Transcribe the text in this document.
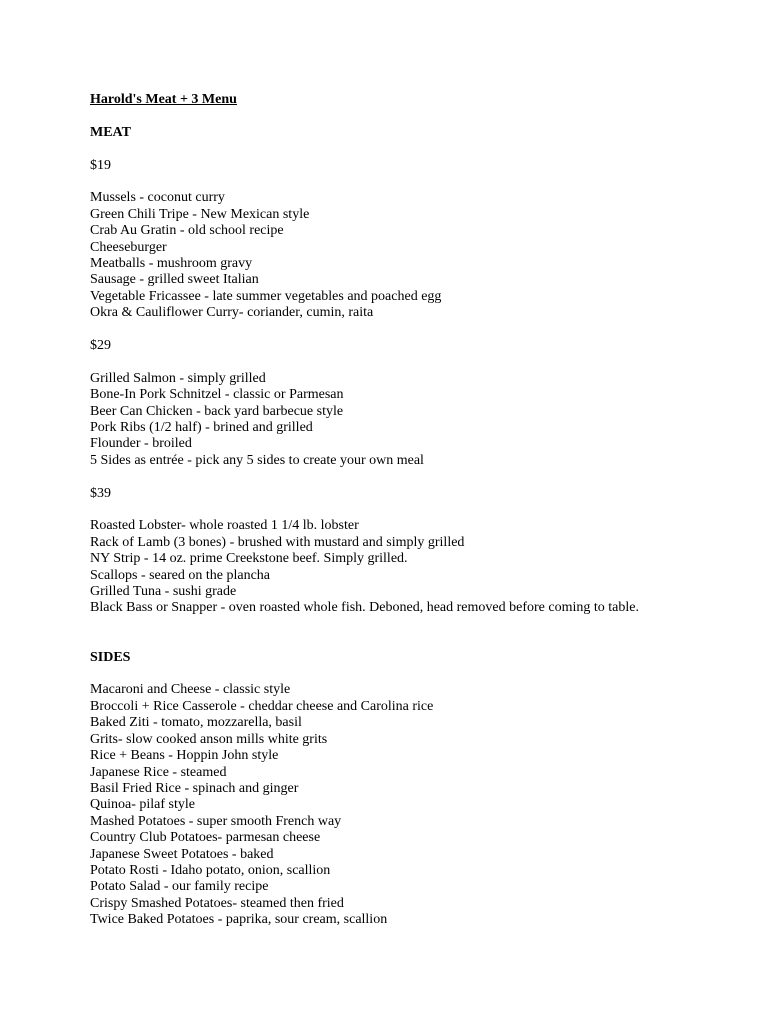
Harold's Meat + 3 Menu

MEAT

$19

Mussels - coconut curry

Green Chili Tripe - New Mexican style

Crab Au Gratin - old school recipe

Cheeseburger

Meatballs - mushroom gravy

Sausage - grilled sweet Italian

Vegetable Fricassee - late summer vegetables and poached egg

Okra & Cauliflower Curry- coriander, cumin, raita

$29

Grilled Salmon - simply grilled

Bone-In Pork Schnitzel - classic or Parmesan

Beer Can Chicken - back yard barbecue style

Pork Ribs (1/2 half) - brined and grilled

Flounder - broiled

5 Sides as entrée - pick any 5 sides to create your own meal

$39

Roasted Lobster- whole roasted 1 1/4 lb. lobster

Rack of Lamb (3 bones) - brushed with mustard and simply grilled

NY Strip - 14 oz. prime Creekstone beef. Simply grilled.

Scallops - seared on the plancha

Grilled Tuna - sushi grade

Black Bass or Snapper - oven roasted whole fish. Deboned, head removed before coming to table.

SIDES

Macaroni and Cheese - classic style

Broccoli + Rice Casserole - cheddar cheese and Carolina rice

Baked Ziti - tomato, mozzarella, basil

Grits- slow cooked anson mills white grits

Rice + Beans - Hoppin John style

Japanese Rice - steamed

Basil Fried Rice - spinach and ginger

Quinoa- pilaf style

Mashed Potatoes - super smooth French way

Country Club Potatoes- parmesan cheese

Japanese Sweet Potatoes - baked

Potato Rosti - Idaho potato, onion, scallion

Potato Salad - our family recipe

Crispy Smashed Potatoes- steamed then fried

Twice Baked Potatoes - paprika, sour cream, scallion
